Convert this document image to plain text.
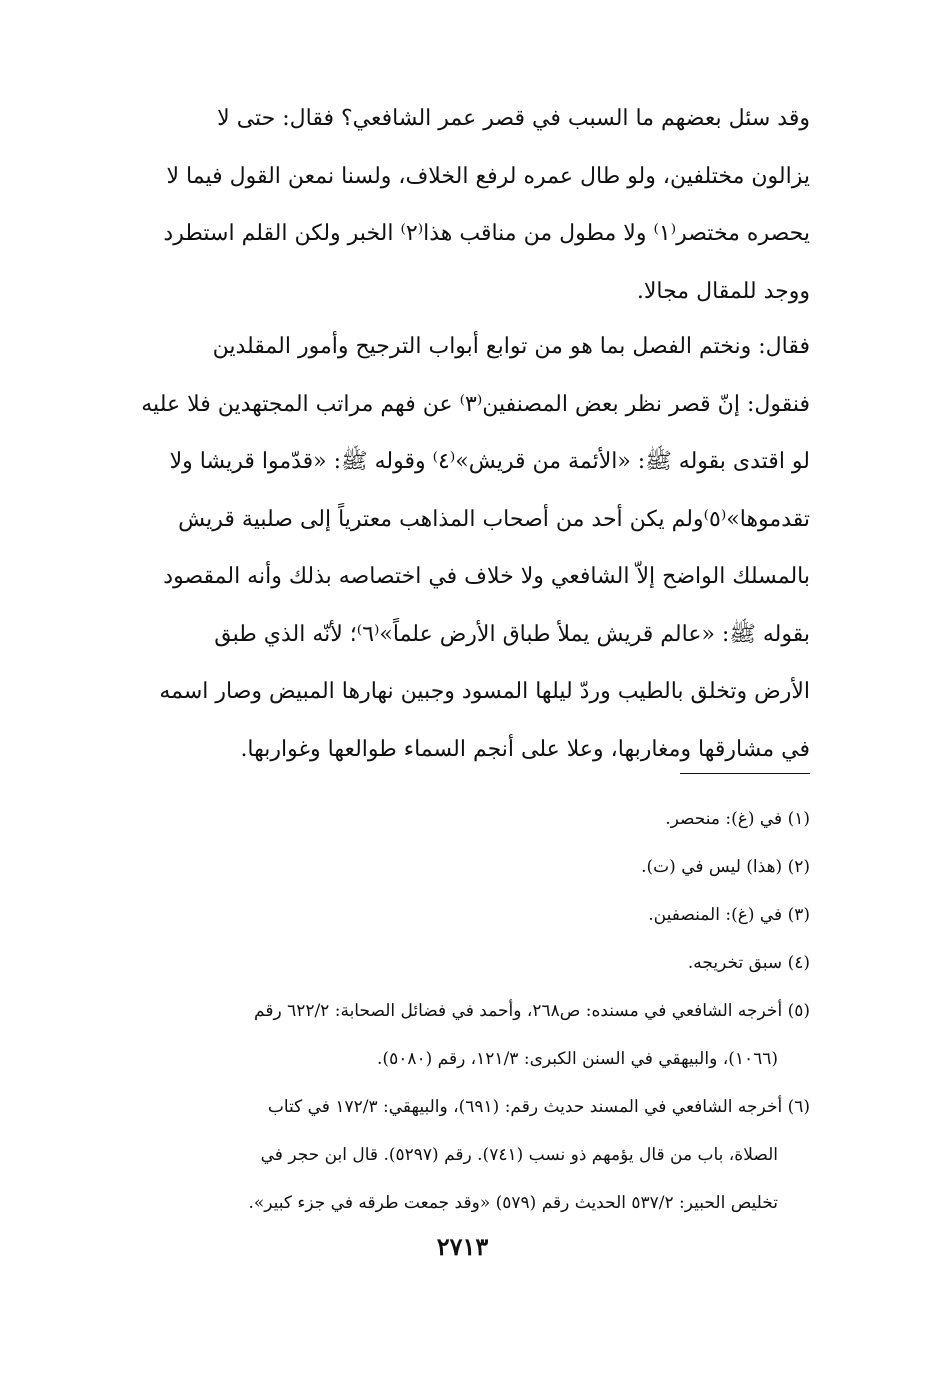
وقد سئل بعضهم ما السبب في قصر عمر الشافعي؟ فقال: حتى لا
يزالون مختلفين، ولو طال عمره لرفع الخلاف، ولسنا نمعن القول فيما لا
يحصره مختصر⁽١⁾ ولا مطول من مناقب هذا⁽٢⁾ الخبر ولكن القلم استطرد
ووجد للمقال مجالا.
فقال: ونختم الفصل بما هو من توابع أبواب الترجيح وأمور المقلدين
فنقول: إنّ قصر نظر بعض المصنفين⁽٣⁾ عن فهم مراتب المجتهدين فلا عليه
لو اقتدى بقوله ﷺ: «الأئمة من قريش»⁽٤⁾ وقوله ﷺ: «قدّموا قريشا ولا
تقدموها»⁽٥⁾ولم يكن أحد من أصحاب المذاهب معترياً إلى صلبية قريش
بالمسلك الواضح إلاّ الشافعي ولا خلاف في اختصاصه بذلك وأنه المقصود
بقوله ﷺ: «عالم قريش يملأ طباق الأرض علماً»⁽٦⁾؛ لأنّه الذي طبق
الأرض وتخلق بالطيب وردّ ليلها المسود وجبين نهارها المبيض وصار اسمه
في مشارقها ومغاربها، وعلا على أنجم السماء طوالعها وغواربها.
(١) في (غ): منحصر.
(٢) (هذا) ليس في (ت).
(٣) في (غ): المنصفين.
(٤) سبق تخريجه.
(٥) أخرجه الشافعي في مسنده: ص٢٦٨، وأحمد في فضائل الصحابة: ٦٢٢/٢ رقم
(١٠٦٦)، والبيهقي في السنن الكبرى: ١٢١/٣، رقم (٥٠٨٠).
(٦) أخرجه الشافعي في المسند حديث رقم: (٦٩١)، والبيهقي: ١٧٢/٣ في كتاب
الصلاة، باب من قال يؤمهم ذو نسب (٧٤١). رقم (٥٢٩٧). قال ابن حجر في
تخليص الحبير: ٥٣٧/٢ الحديث رقم (٥٧٩) «وقد جمعت طرقه في جزء كبير».
٢٧١٣
